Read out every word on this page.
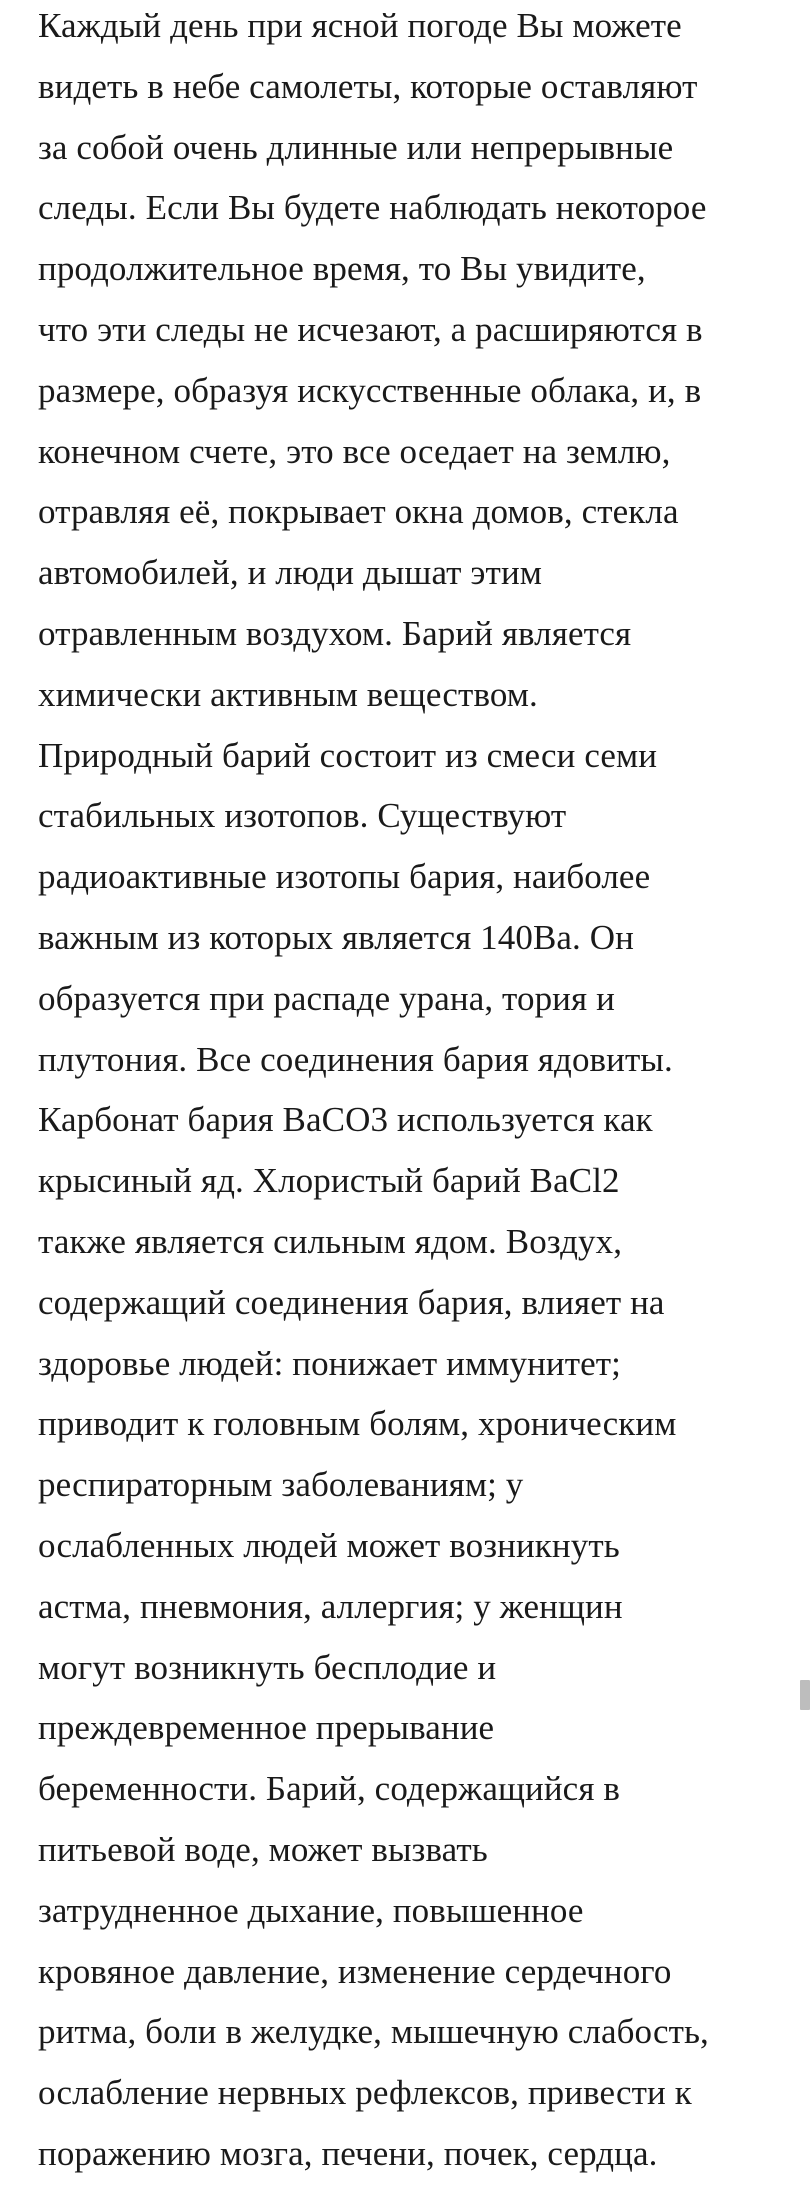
Каждый день при ясной погоде Вы можете
видеть в небе самолеты, которые оставляют
за собой очень длинные или непрерывные
следы. Если Вы будете наблюдать некоторое
продолжительное время, то Вы увидите,
что эти следы не исчезают, а расширяются в
размере, образуя искусственные облака, и, в
конечном счете, это все оседает на землю,
отравляя её, покрывает окна домов, стекла
автомобилей, и люди дышат этим
отравленным воздухом. Барий является
химически активным веществом.
Природный барий состоит из смеси семи
стабильных изотопов. Существуют
радиоактивные изотопы бария, наиболее
важным из которых является 140Ba. Он
образуется при распаде урана, тория и
плутония. Все соединения бария ядовиты.
Карбонат бария BaCO3 используется как
крысиный яд. Хлористый барий BaCl2
также является сильным ядом. Воздух,
содержащий соединения бария, влияет на
здоровье людей: понижает иммунитет;
приводит к головным болям, хроническим
респираторным заболеваниям; у
ослабленных людей может возникнуть
астма, пневмония, аллергия; у женщин
могут возникнуть бесплодие и
преждевременное прерывание
беременности. Барий, содержащийся в
питьевой воде, может вызвать
затрудненное дыхание, повышенное
кровяное давление, изменение сердечного
ритма, боли в желудке, мышечную слабость,
ослабление нервных рефлексов, привести к
поражению мозга, печени, почек, сердца.
